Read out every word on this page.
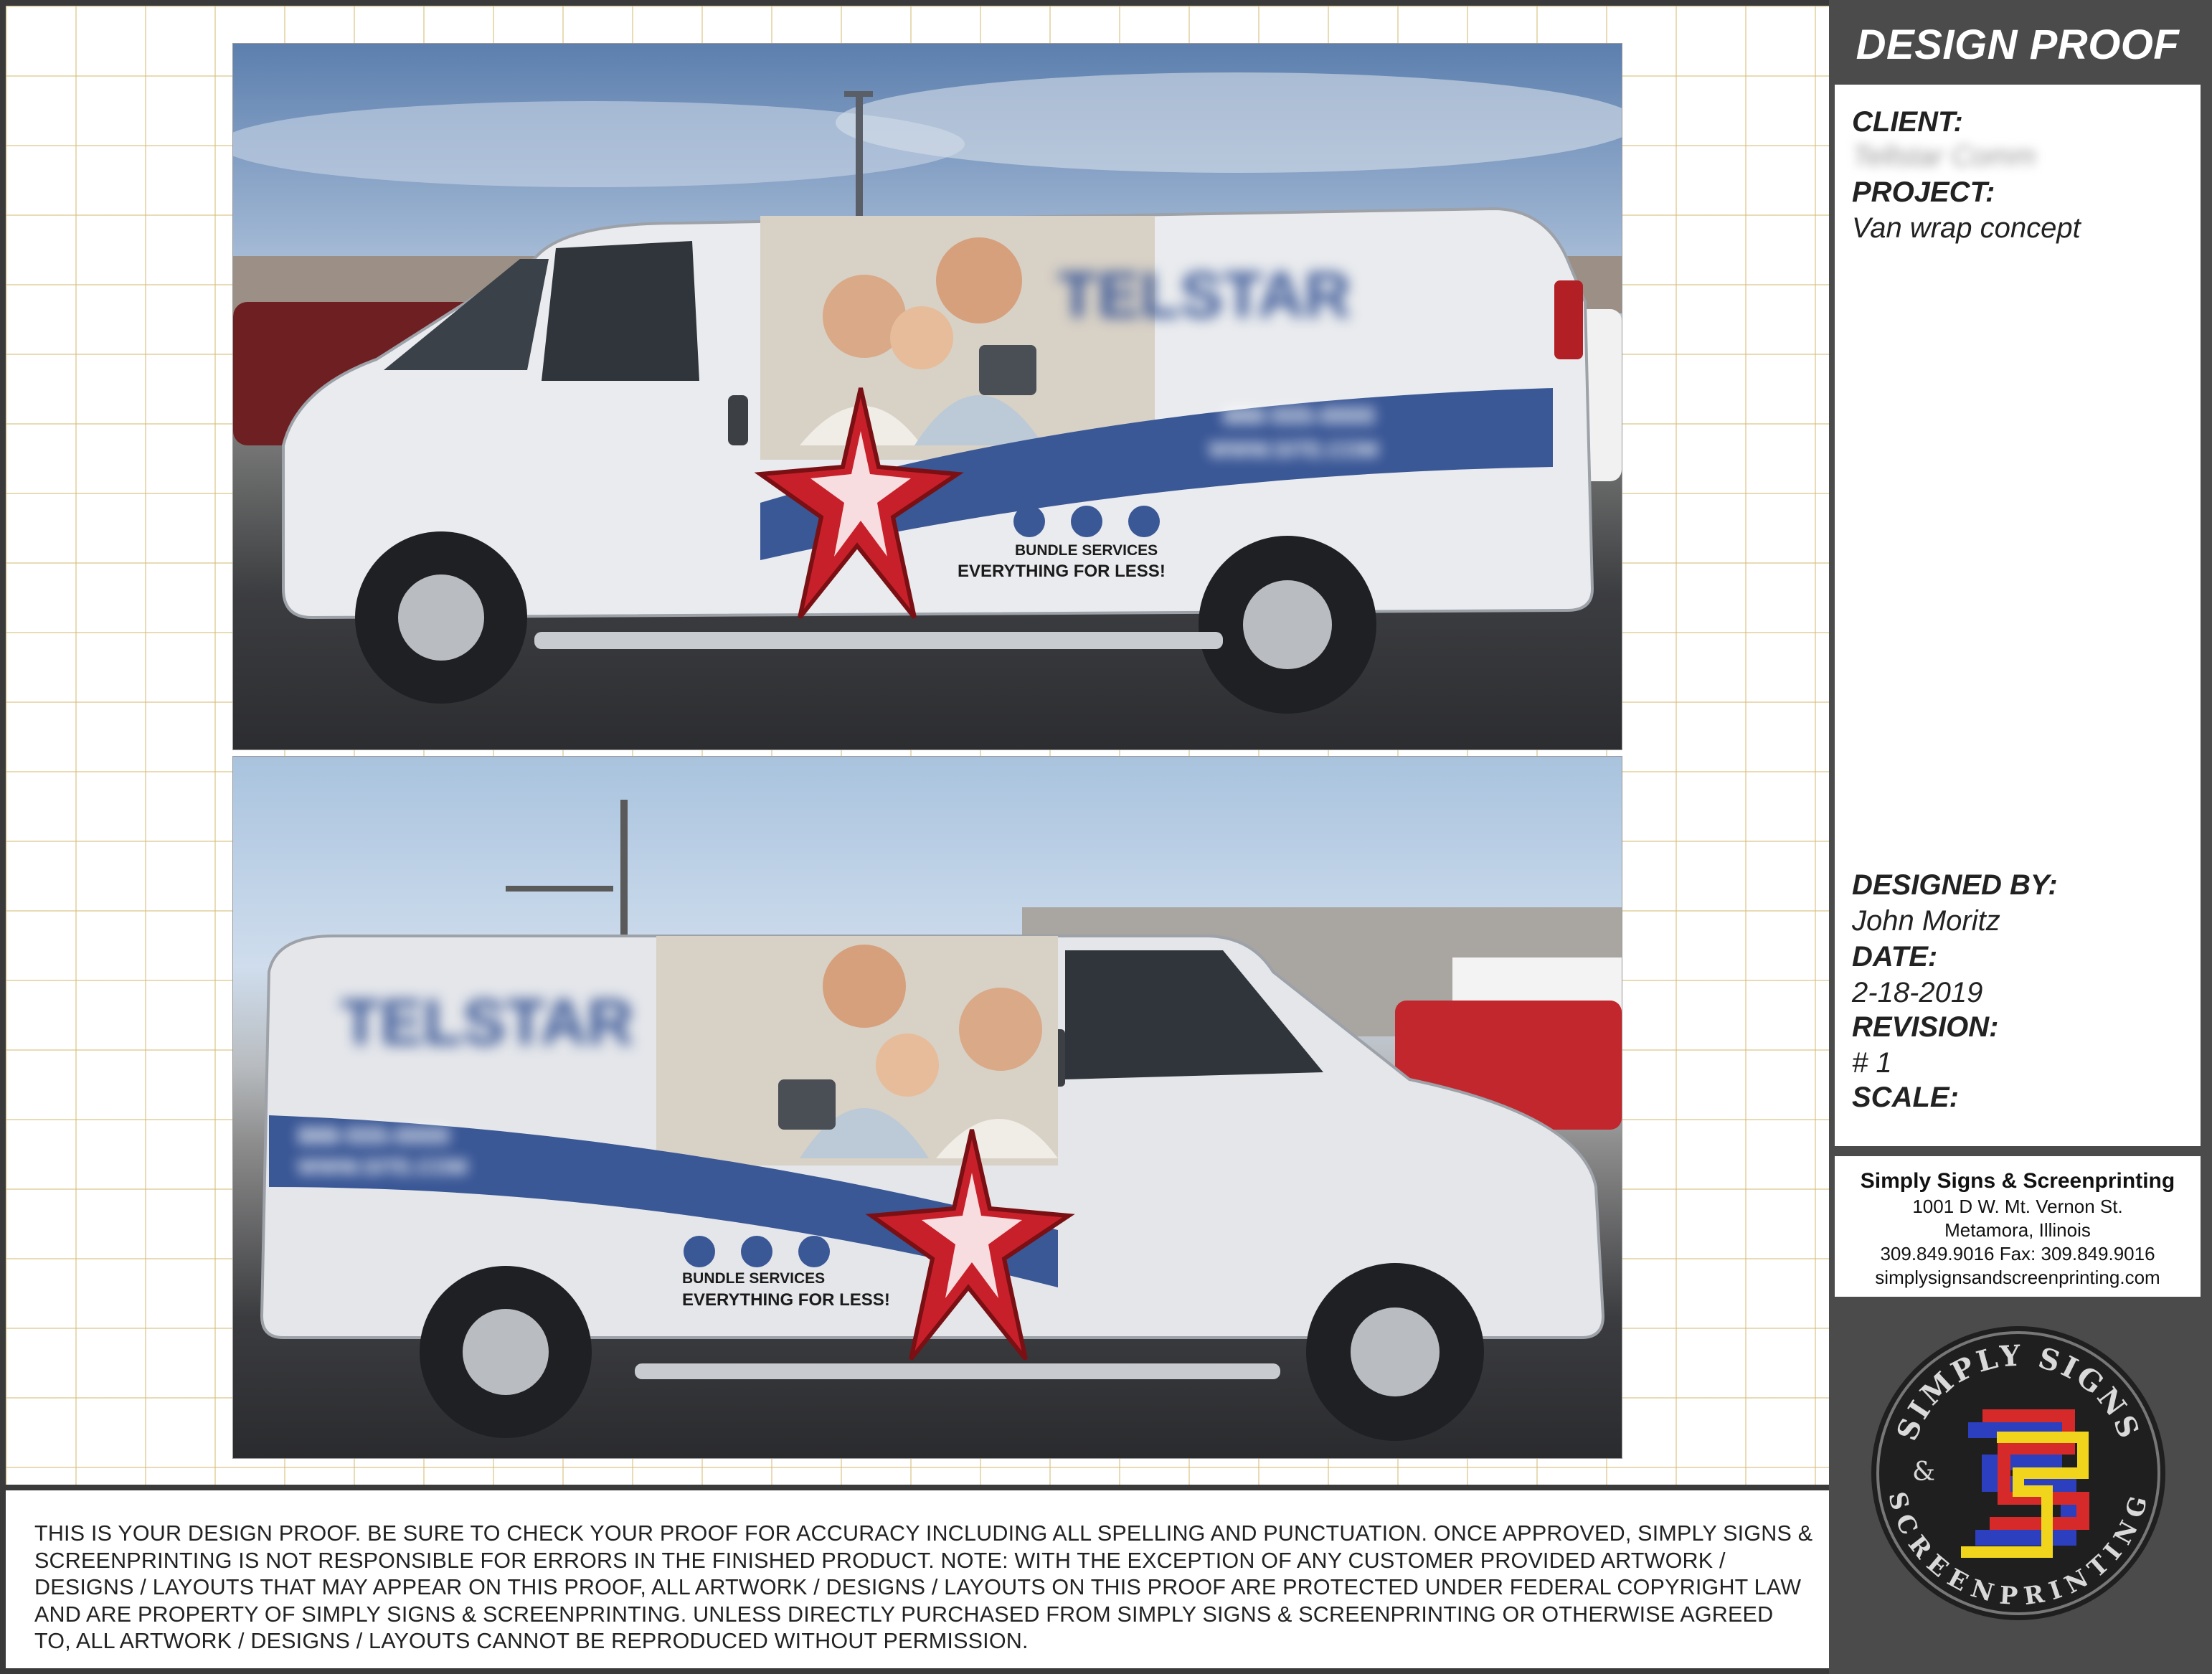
TELSTAR
888-555-0000
WWW.SITE.COM
BUNDLE SERVICES
EVERYTHING FOR LESS!
TELSTAR
888-555-0000
WWW.SITE.COM
BUNDLE SERVICES
EVERYTHING FOR LESS!

THIS IS YOUR DESIGN PROOF. BE SURE TO CHECK YOUR PROOF FOR ACCURACY INCLUDING ALL SPELLING AND PUNCTUATION. ONCE APPROVED, SIMPLY SIGNS & SCREENPRINTING IS NOT RESPONSIBLE FOR ERRORS IN THE FINISHED PRODUCT. NOTE: WITH THE EXCEPTION OF ANY CUSTOMER PROVIDED ARTWORK / DESIGNS / LAYOUTS THAT MAY APPEAR ON THIS PROOF, ALL ARTWORK / DESIGNS / LAYOUTS ON THIS PROOF ARE PROTECTED UNDER FEDERAL COPYRIGHT LAW AND ARE PROPERTY OF SIMPLY SIGNS & SCREENPRINTING. UNLESS DIRECTLY PURCHASED FROM SIMPLY SIGNS & SCREENPRINTING OR OTHERWISE AGREED TO, ALL ARTWORK / DESIGNS / LAYOUTS CANNOT BE REPRODUCED WITHOUT PERMISSION.

DESIGN PROOF
CLIENT:
Tellstar Comm
PROJECT:
Van wrap concept
DESIGNED BY:
John Moritz
DATE:
2-18-2019
REVISION:
# 1
SCALE:
Simply Signs & Screenprinting
1001 D W. Mt. Vernon St.
Metamora, Illinois
309.849.9016 Fax: 309.849.9016
simplysignsandscreenprinting.com
SIMPLY SIGNS
SCREENPRINTING
&
